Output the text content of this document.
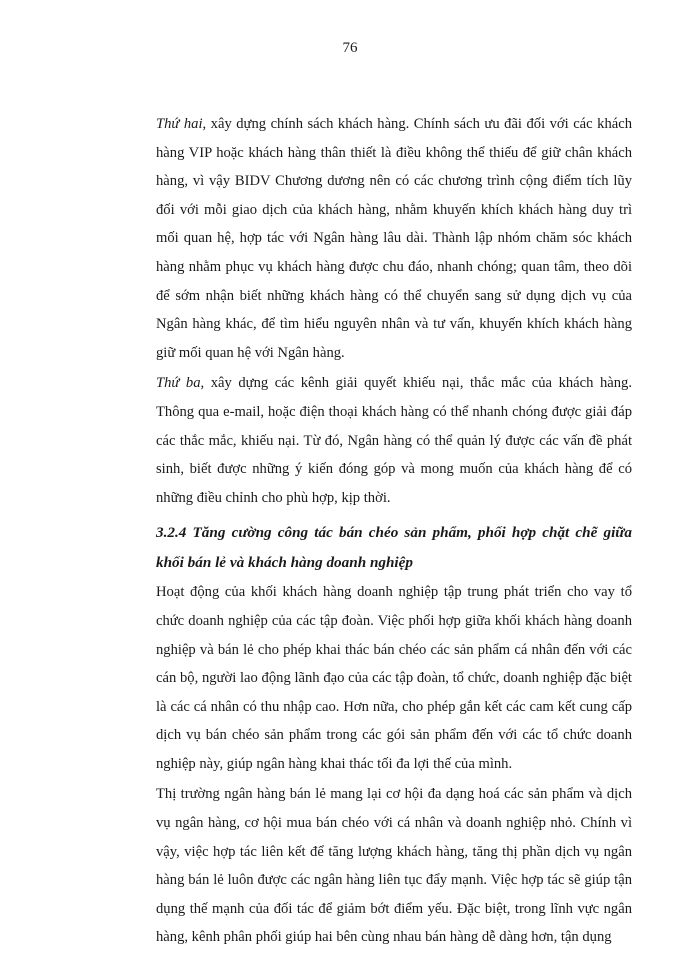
76

Thứ hai, xây dựng chính sách khách hàng. Chính sách ưu đãi đối với các khách hàng VIP hoặc khách hàng thân thiết là điều không thể thiếu để giữ chân khách hàng, vì vậy BIDV Chương dương nên có các chương trình cộng điểm tích lũy đối với mỗi giao dịch của khách hàng, nhằm khuyến khích khách hàng duy trì mối quan hệ, hợp tác với Ngân hàng lâu dài. Thành lập nhóm chăm sóc khách hàng nhằm phục vụ khách hàng được chu đáo, nhanh chóng; quan tâm, theo dõi để sớm nhận biết những khách hàng có thể chuyển sang sử dụng dịch vụ của Ngân hàng khác, để tìm hiểu nguyên nhân và tư vấn, khuyến khích khách hàng giữ mối quan hệ với Ngân hàng.

Thứ ba, xây dựng các kênh giải quyết khiếu nại, thắc mắc của khách hàng. Thông qua e-mail, hoặc điện thoại khách hàng có thể nhanh chóng được giải đáp các thắc mắc, khiếu nại. Từ đó, Ngân hàng có thể quản lý được các vấn đề phát sinh, biết được những ý kiến đóng góp và mong muốn của khách hàng để có những điều chỉnh cho phù hợp, kịp thời.

3.2.4 Tăng cường công tác bán chéo sản phẩm, phối hợp chặt chẽ giữa khối bán lẻ và khách hàng doanh nghiệp

Hoạt động của khối khách hàng doanh nghiệp tập trung phát triển cho vay tổ chức doanh nghiệp của các tập đoàn. Việc phối hợp giữa khối khách hàng doanh nghiệp và bán lẻ cho phép khai thác bán chéo các sản phẩm cá nhân đến với các cán bộ, người lao động lãnh đạo của các tập đoàn, tổ chức, doanh nghiệp đặc biệt là các cá nhân có thu nhập cao. Hơn nữa, cho phép gắn kết các cam kết cung cấp dịch vụ bán chéo sản phẩm trong các gói sản phẩm đến với các tổ chức doanh nghiệp này, giúp ngân hàng khai thác tối đa lợi thế của mình.

Thị trường ngân hàng bán lẻ mang lại cơ hội đa dạng hoá các sản phẩm và dịch vụ ngân hàng, cơ hội mua bán chéo với cá nhân và doanh nghiệp nhỏ. Chính vì vậy, việc hợp tác liên kết để tăng lượng khách hàng, tăng thị phần dịch vụ ngân hàng bán lẻ luôn được các ngân hàng liên tục đẩy mạnh. Việc hợp tác sẽ giúp tận dụng thế mạnh của đối tác để giảm bớt điểm yếu. Đặc biệt, trong lĩnh vực ngân hàng, kênh phân phối giúp hai bên cùng nhau bán hàng dễ dàng hơn, tận dụng
